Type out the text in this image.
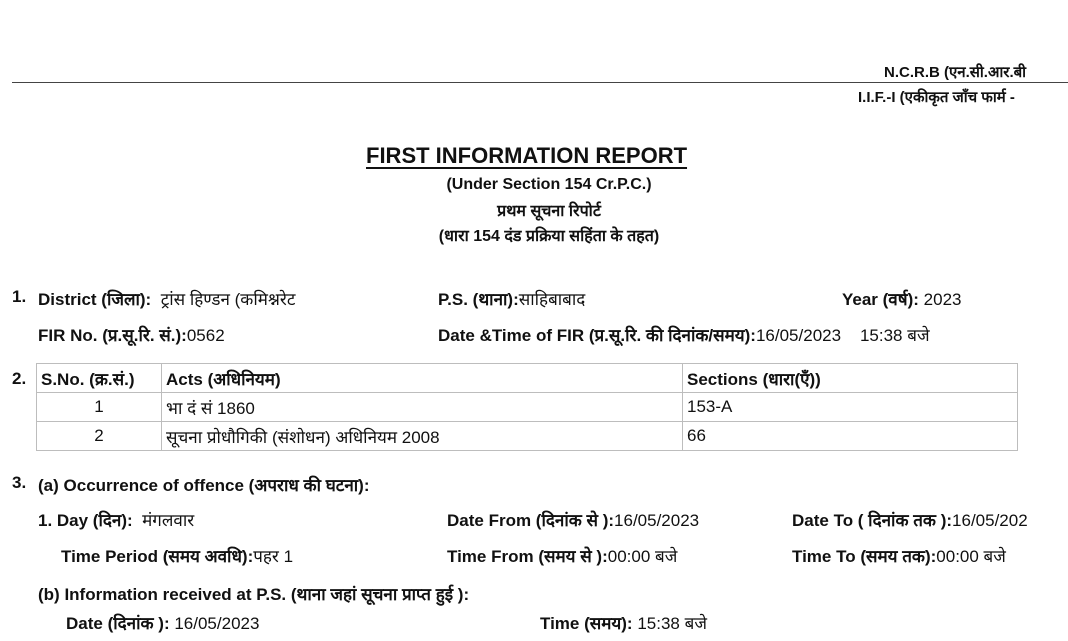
N.C.R.B (एन.सी.आर.बी
I.I.F.-I (एकीकृत जाँच फार्म -
FIRST INFORMATION REPORT
(Under Section 154 Cr.P.C.)
प्रथम सूचना रिपोर्ट
(धारा 154 दंड प्रक्रिया सहिंता के तहत)
1. District (जिला): ट्रांस हिण्डन (कमिश्नरेट	P.S. (थाना):साहिबाबाद	Year (वर्ष): 2023
FIR No. (प्र.सू.रि. सं.):0562	Date &Time of FIR (प्र.सू.रि. की दिनांक/समय):16/05/2023 15:38 बजे
2. S.No. (क्र.सं.)	Acts (अधिनियम)	Sections (धारा(एँ))
1	भा दं सं 1860	153-A
2	सूचना प्रोधौगिकी (संशोधन) अधिनियम 2008	66
3. (a) Occurrence of offence (अपराध की घटना):
1. Day (दिन): मंगलवार	Date From (दिनांक से ):16/05/2023	Date To ( दिनांक तक ):16/05/202
Time Period (समय अवधि):पहर 1	Time From (समय से ):00:00 बजे	Time To (समय तक):00:00 बजे
(b) Information received at P.S. (थाना जहां सूचना प्राप्त हुई ):
Date (दिनांक ): 16/05/2023	Time (समय): 15:38 बजे
